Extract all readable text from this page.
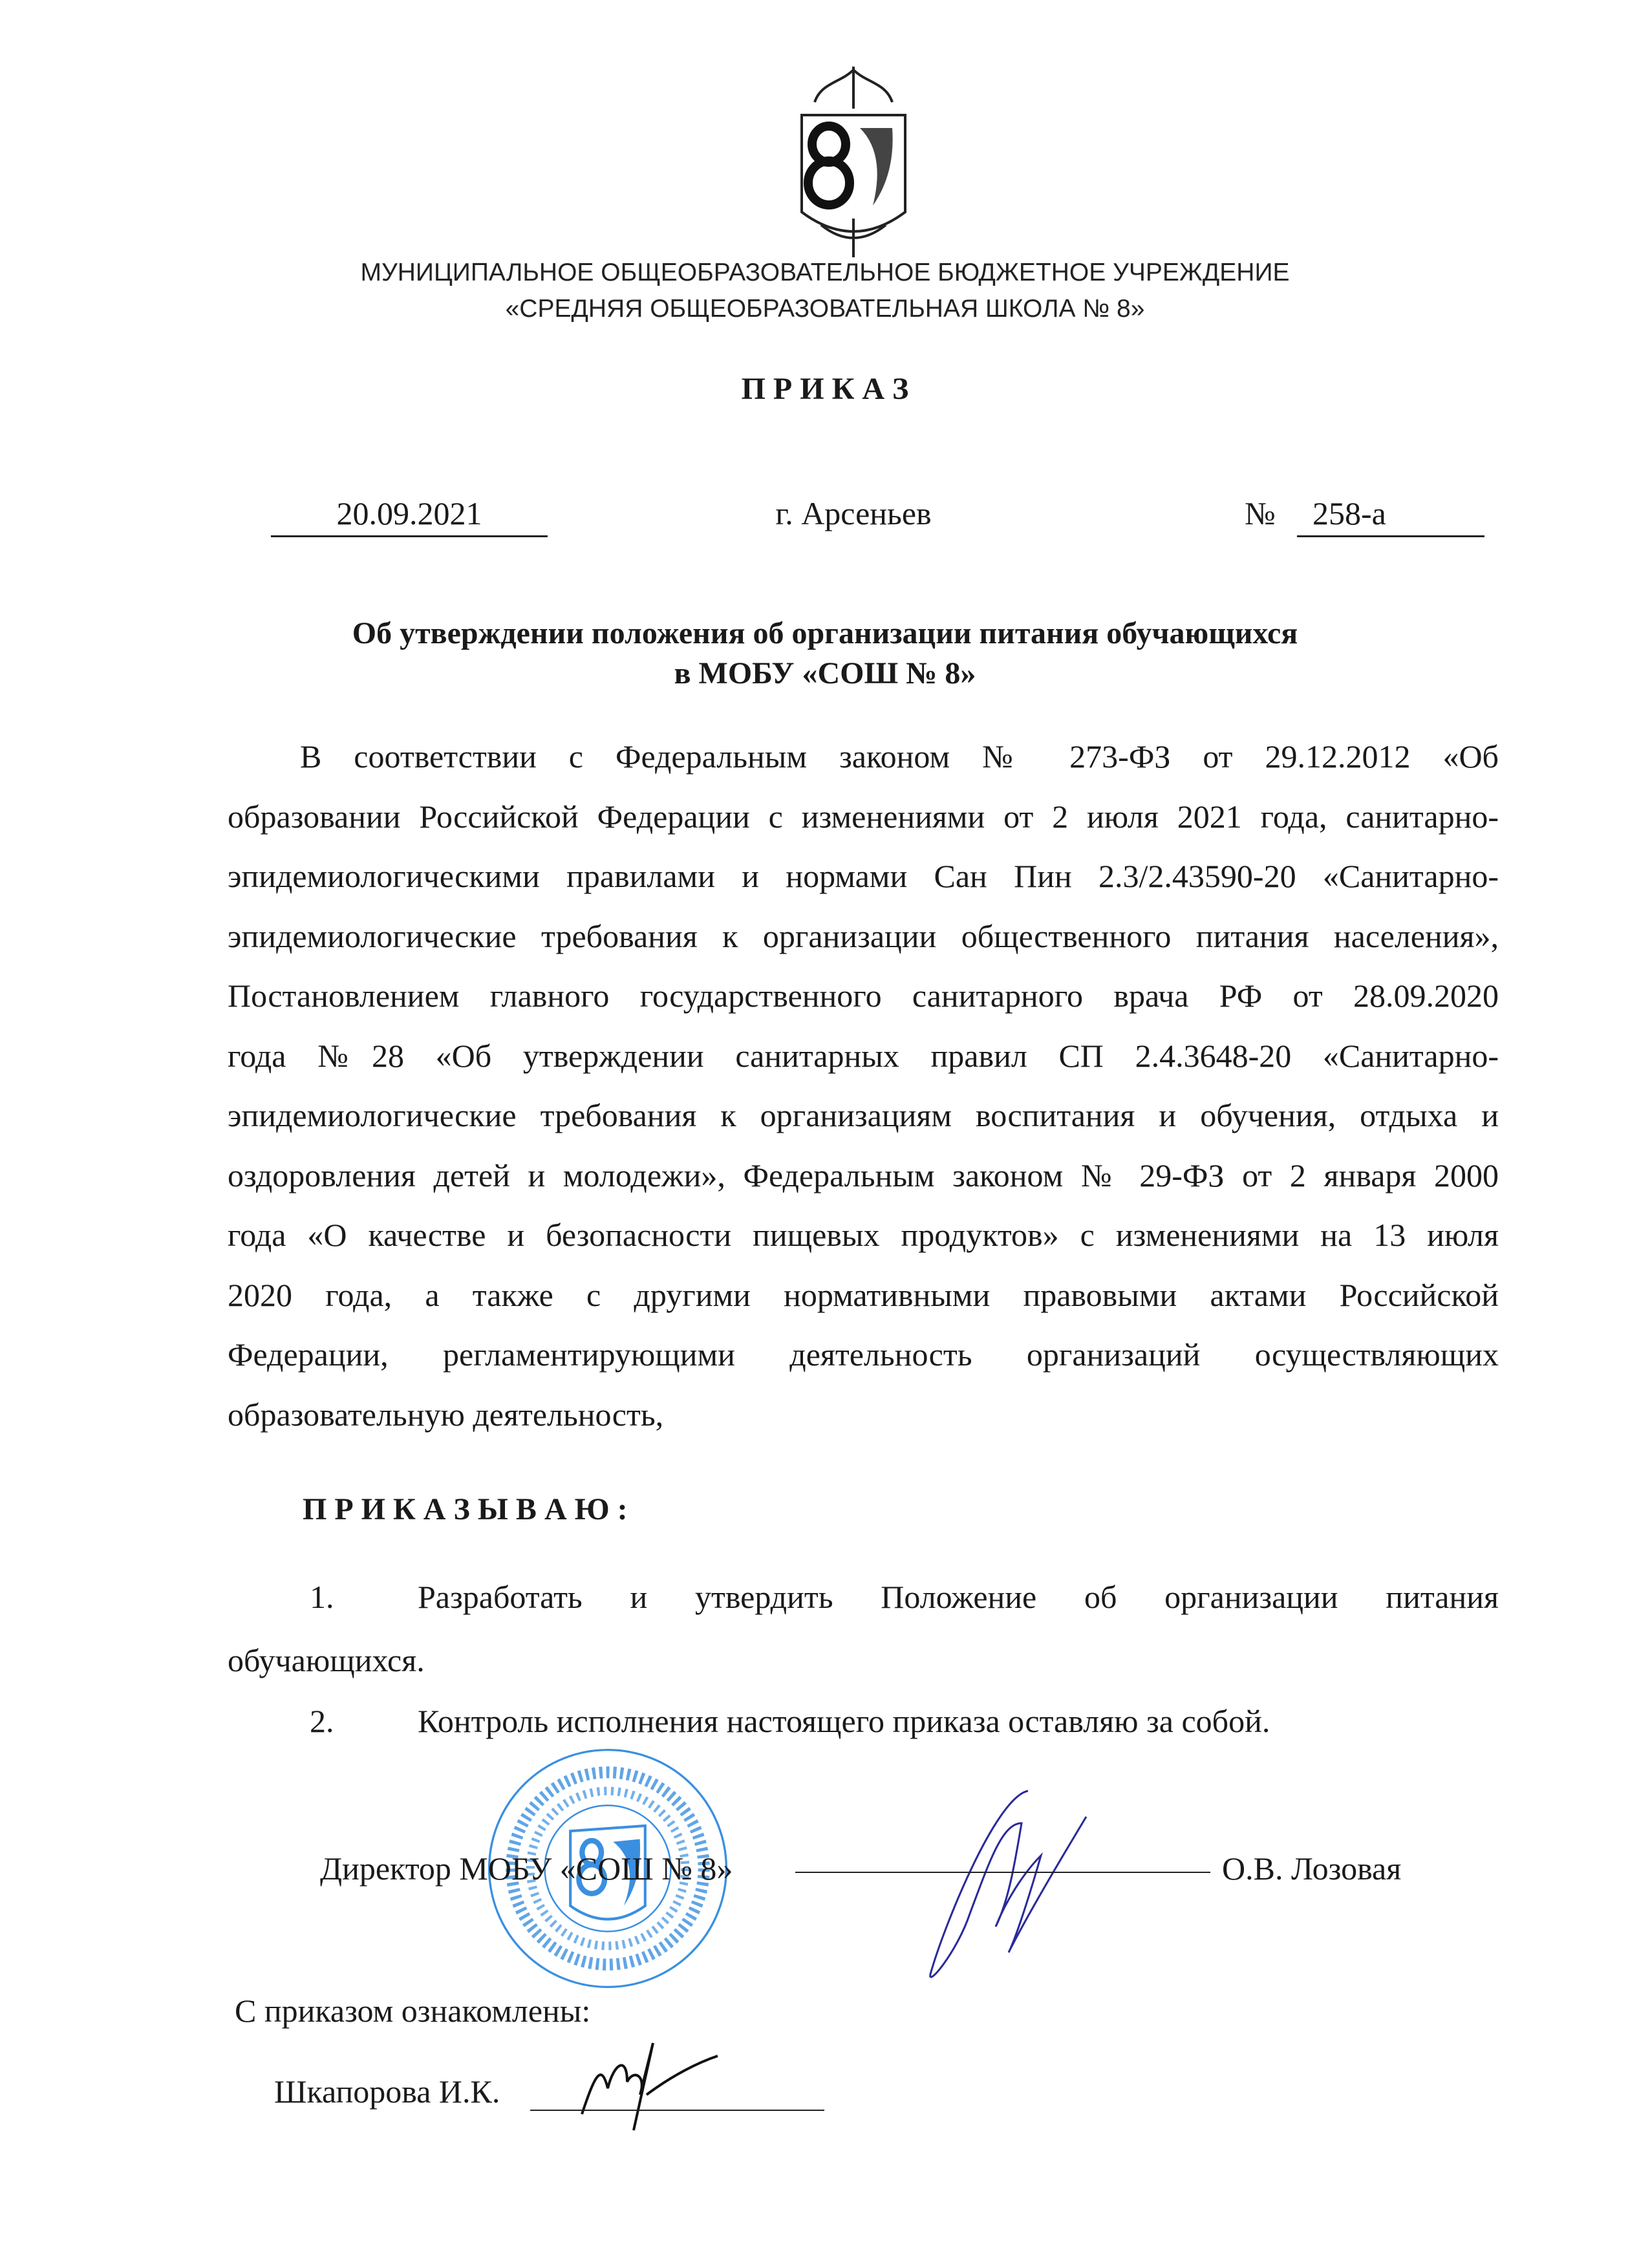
МУНИЦИПАЛЬНОЕ ОБЩЕОБРАЗОВАТЕЛЬНОЕ БЮДЖЕТНОЕ УЧРЕЖДЕНИЕ
«СРЕДНЯЯ ОБЩЕОБРАЗОВАТЕЛЬНАЯ ШКОЛА № 8»
П Р И К А З
20.09.2021	г. Арсеньев	№ 258-а
Об утверждении положения об организации питания обучающихся
в МОБУ «СОШ № 8»
В соответствии с Федеральным законом № 273-ФЗ от 29.12.2012 «Об
образовании Российской Федерации с изменениями от 2 июля 2021 года, санитарно-
эпидемиологическими правилами и нормами Сан Пин 2.3/2.43590-20 «Санитарно-
эпидемиологические требования к организации общественного питания населения»,
Постановлением главного государственного санитарного врача РФ от 28.09.2020
года №28 «Об утверждении санитарных правил СП 2.4.3648-20 «Санитарно-
эпидемиологические требования к организациям воспитания и обучения, отдыха и
оздоровления детей и молодежи», Федеральным законом № 29-ФЗ от 2 января 2000
года «О качестве и безопасности пищевых продуктов» с изменениями на 13 июля
2020 года, а также с другими нормативными правовыми актами Российской
Федерации, регламентирующими деятельность организаций осуществляющих
образовательную деятельность,
П Р И К А З Ы В А Ю :
1.	Разработать и утвердить Положение об организации питания
обучающихся.
2.	Контроль исполнения настоящего приказа оставляю за собой.
Директор МОБУ «СОШ № 8»	О.В. Лозовая
С приказом ознакомлены:
Шкапорова И.К.
